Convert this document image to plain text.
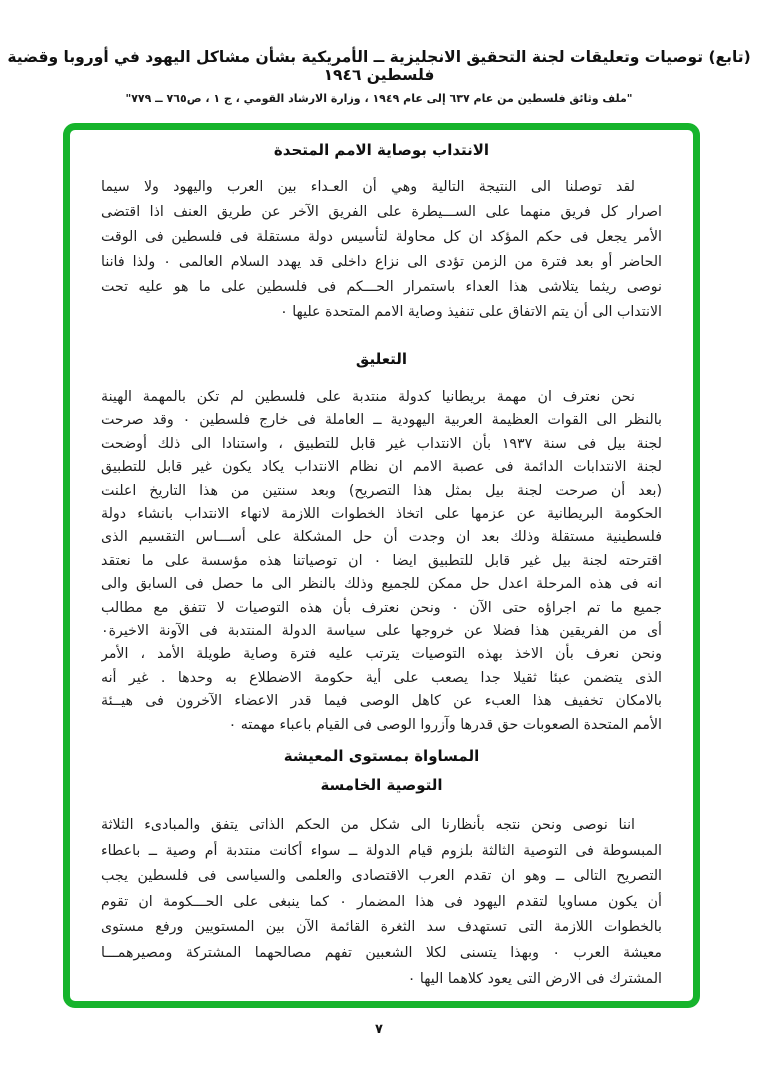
(تابع) توصيات وتعليقات لجنة التحقيق الانجليزية ــ الأمريكية بشأن مشاكل اليهود في أوروبا وقضية فلسطين ١٩٤٦
"ملف وثائق فلسطين من عام ٦٣٧ إلى عام ١٩٤٩ ، وزارة الارشاد القومي ، ج ١ ، ص٧٦٥ ــ ٧٧٩"
الانتداب بوصاية الامم المتحدة
لقد توصلنا الى النتيجة التالية وهي أن العـداء بين العرب واليهود ولا سيما
اصرار كل فريق منهما على الســـيطرة على الفريق الآخر عن طريق العنف اذا اقتضى
الأمر يجعل فى حكم المؤكد ان كل محاولة لتأسيس دولة مستقلة فى فلسطين فى الوقت
الحاضر أو بعد فترة من الزمن تؤدى الى نزاع داخلى قد يهدد السلام العالمى ٠ ولذا فاننا
نوصى ريثما يتلاشى هذا العداء باستمرار الحـــكم فى فلسطين على ما هو عليه تحت
الانتداب الى أن يتم الاتفاق على تنفيذ وصاية الامم المتحدة عليها ٠
التعليق
نحن نعترف ان مهمة بريطانيا كدولة منتدبة على فلسطين لم تكن بالمهمة الهينة
بالنظر الى القوات العظيمة العربية اليهودية ــ العاملة فى خارج فلسطين ٠ وقد صرحت
لجنة بيل فى سنة ١٩٣٧ بأن الانتداب غير قابل للتطبيق ، واستنادا الى ذلك أوضحت
لجنة الانتدابات الدائمة فى عصبة الامم ان نظام الانتداب يكاد يكون غير قابل للتطبيق
(بعد أن صرحت لجنة بيل بمثل هذا التصريح) وبعد سنتين من هذا التاريخ اعلنت
الحكومة البريطانية عن عزمها على اتخاذ الخطوات اللازمة لانهاء الانتداب بانشاء دولة
فلسطينية مستقلة وذلك بعد ان وجدت أن حل المشكلة على أســـاس التقسيم الذى
اقترحته لجنة بيل غير قابل للتطبيق ايضا ٠ ان توصياتنا هذه مؤسسة على ما نعتقد
انه فى هذه المرحلة اعدل حل ممكن للجميع وذلك بالنظر الى ما حصل فى السابق والى
جميع ما تم اجراؤه حتى الآن ٠ ونحن نعترف بأن هذه التوصيات لا تتفق مع مطالب
أى من الفريقين هذا فضلا عن خروجها على سياسة الدولة المنتدبة فى الآونة الاخيرة٠
ونحن نعرف بأن الاخذ بهذه التوصيات يترتب عليه فترة وصاية طويلة الأمد ، الأمر
الذى يتضمن عبئا ثقيلا جدا يصعب على أية حكومة الاضطلاع به وحدها . غير أنه
بالامكان تخفيف هذا العبء عن كاهل الوصى فيما قدر الاعضاء الآخرون فى هيــئة
الأمم المتحدة الصعوبات حق قدرها وآزروا الوصى فى القيام باعباء مهمته ٠
المساواة بمستوى المعيشة
التوصية الخامسة
اننا نوصى ونحن نتجه بأنظارنا الى شكل من الحكم الذاتى يتفق والمبادىء الثلاثة
المبسوطة فى التوصية الثالثة بلزوم قيام الدولة ــ سواء أكانت منتدبة أم وصية ــ باعطاء
التصريح التالى ــ وهو ان تقدم العرب الاقتصادى والعلمى والسياسى فى فلسطين يجب
أن يكون مساويا لتقدم اليهود فى هذا المضمار ٠ كما ينبغى على الحـــكومة ان تقوم
بالخطوات اللازمة التى تستهدف سد الثغرة القائمة الآن بين المستويين ورفع مستوى
معيشة العرب ٠ وبهذا يتسنى لكلا الشعبين تفهم مصالحهما المشتركة ومصيرهمـــا
المشترك فى الارض التى يعود كلاهما اليها ٠
٧
